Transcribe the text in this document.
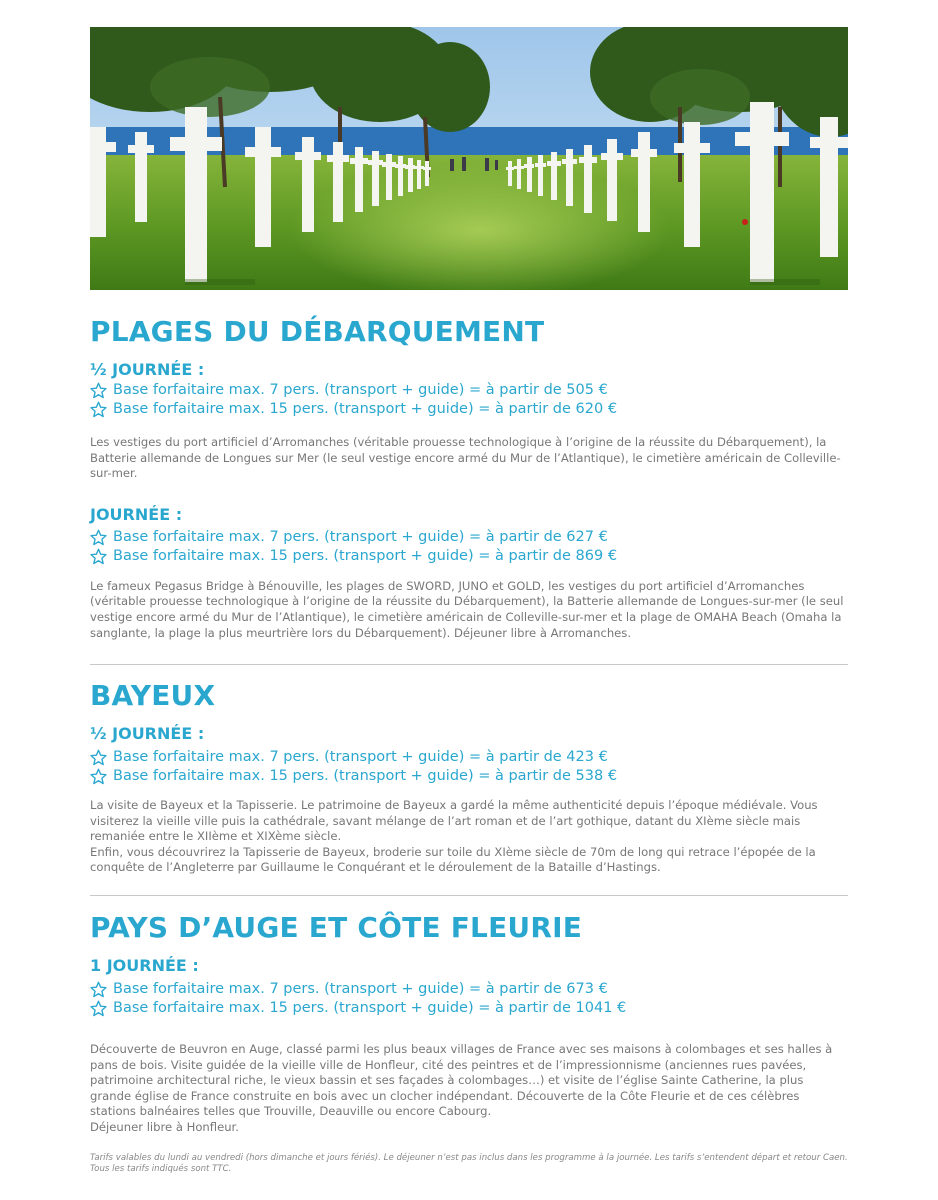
PLAGES DU DÉBARQUEMENT
½ JOURNÉE :
Base forfaitaire max. 7 pers. (transport + guide) = à partir de 505 €
Base forfaitaire max. 15 pers. (transport + guide) = à partir de 620 €

Les vestiges du port artificiel d’Arromanches (véritable prouesse technologique à l’origine de la réussite du Débarquement), la Batterie allemande de Longues sur Mer (le seul vestige encore armé du Mur de l’Atlantique), le cimetière américain de Colleville-sur-mer.

JOURNÉE :
Base forfaitaire max. 7 pers. (transport + guide) = à partir de 627 €
Base forfaitaire max. 15 pers. (transport + guide) = à partir de 869 €

Le fameux Pegasus Bridge à Bénouville, les plages de SWORD, JUNO et GOLD, les vestiges du port artificiel d’Arromanches (véritable prouesse technologique à l’origine de la réussite du Débarquement), la Batterie allemande de Longues-sur-mer (le seul vestige encore armé du Mur de l’Atlantique), le cimetière américain de Colleville-sur-mer et la plage de OMAHA Beach (Omaha la sanglante, la plage la plus meurtrière lors du Débarquement). Déjeuner libre à Arromanches.

BAYEUX
½ JOURNÉE :
Base forfaitaire max. 7 pers. (transport + guide) = à partir de 423 €
Base forfaitaire max. 15 pers. (transport + guide) = à partir de 538 €

La visite de Bayeux et la Tapisserie. Le patrimoine de Bayeux a gardé la même authenticité depuis l’époque médiévale. Vous visiterez la vieille ville puis la cathédrale, savant mélange de l’art roman et de l’art gothique, datant du XIème siècle mais remaniée entre le XIIème et XIXème siècle.

Enfin, vous découvrirez la Tapisserie de Bayeux, broderie sur toile du XIème siècle de 70m de long qui retrace l’épopée de la conquête de l’Angleterre par Guillaume le Conquérant et le déroulement de la Bataille d’Hastings.

PAYS D’AUGE ET CÔTE FLEURIE
1 JOURNÉE :
Base forfaitaire max. 7 pers. (transport + guide) = à partir de 673 €
Base forfaitaire max. 15 pers. (transport + guide) = à partir de 1041 €

Découverte de Beuvron en Auge, classé parmi les plus beaux villages de France avec ses maisons à colombages et ses halles à pans de bois. Visite guidée de la vieille ville de Honfleur, cité des peintres et de l’impressionnisme (anciennes rues pavées, patrimoine architectural riche, le vieux bassin et ses façades à colombages…) et visite de l’église Sainte Catherine, la plus grande église de France construite en bois avec un clocher indépendant. Découverte de la Côte Fleurie et de ces célèbres stations balnéaires telles que Trouville, Deauville ou encore Cabourg.

Déjeuner libre à Honfleur.

Tarifs valables du lundi au vendredi (hors dimanche et jours fériés). Le déjeuner n’est pas inclus dans les programme à la journée. Les tarifs s’entendent départ et retour Caen. Tous les tarifs indiqués sont TTC.
